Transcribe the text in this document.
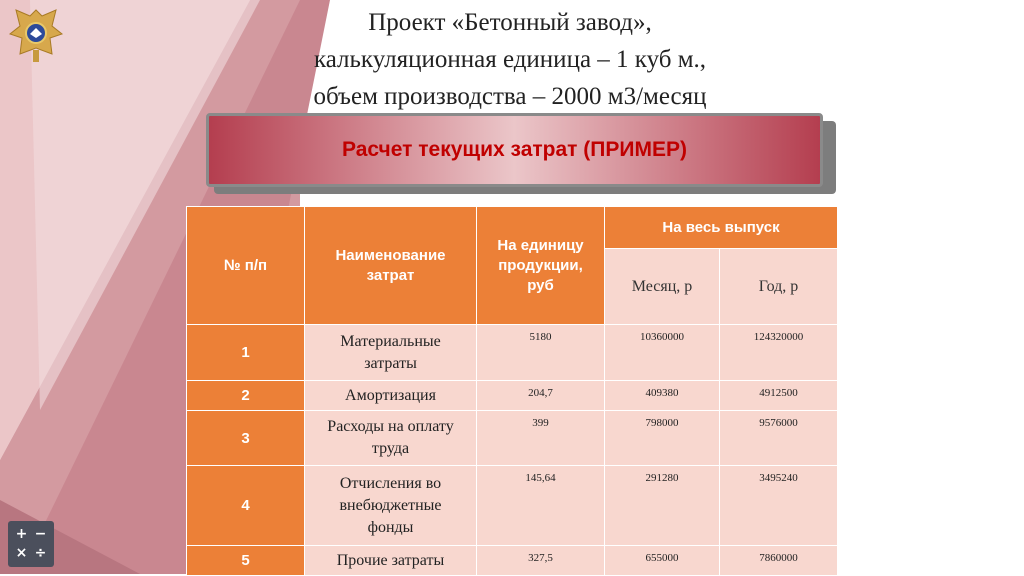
Проект «Бетонный завод»,
калькуляционная единица – 1 куб м.,
объем производства – 2000 м3/месяц
Расчет текущих затрат (ПРИМЕР)
№ п/п	Наименование затрат	На единицу продукции, руб	На весь выпуск	
			Месяц, р	Год, р
1	Материальные затраты	5180	10360000	124320000
2	Амортизация	204,7	409380	4912500
3	Расходы на оплату труда	399	798000	9576000
4	Отчисления во внебюджетные фонды	145,64	291280	3495240
5	Прочие затраты	327,5	655000	7860000
+ −
× ÷
